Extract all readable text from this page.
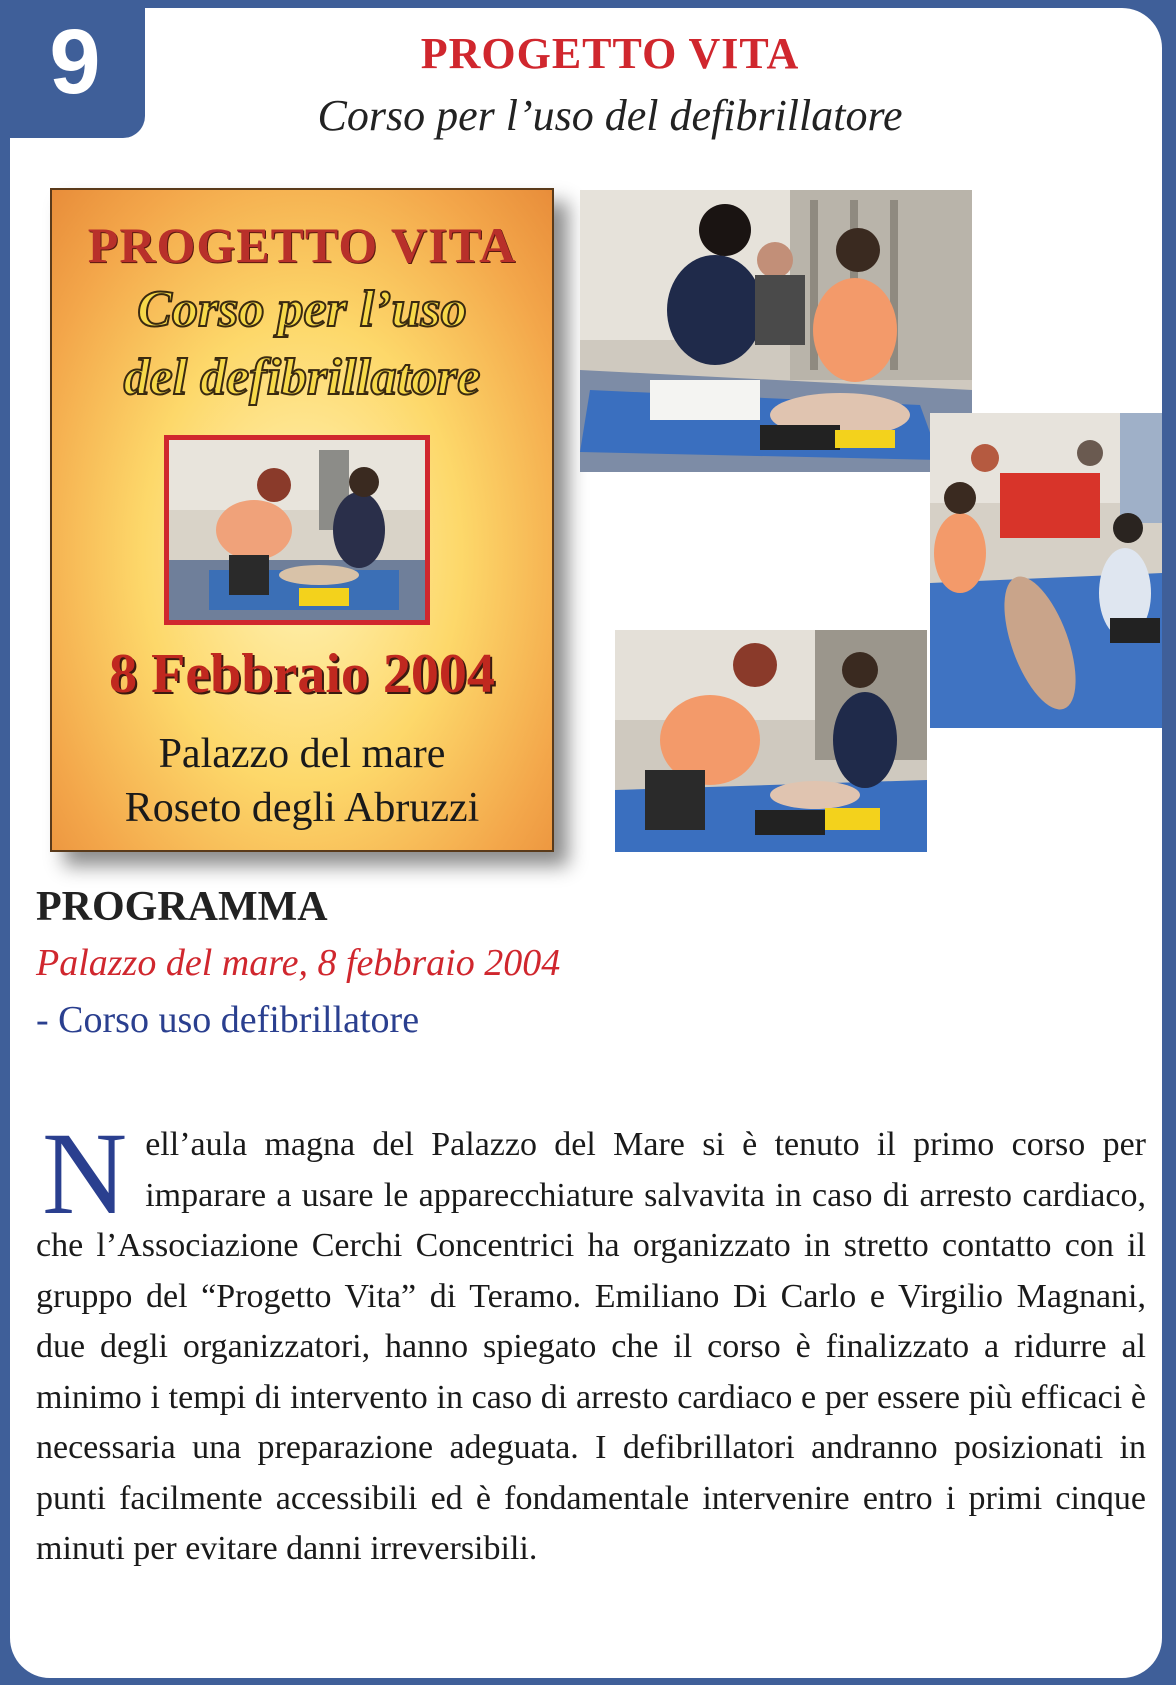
9	PROGETTO VITA
Corso per l’uso del defibrillatore
PROGETTO VITA
Corso per l’uso
del defibrillatore
8 Febbraio 2004
Palazzo del mare
Roseto degli Abruzzi
PROGRAMMA
Palazzo del mare, 8 febbraio 2004
- Corso uso defibrillatore
Nell’aula magna del Palazzo del Mare si è tenuto il primo corso per imparare a usare le apparecchiature salvavita in caso di arresto cardiaco, che l’Associazione Cerchi Concentrici ha organizzato in stretto contatto con il gruppo del “Progetto Vita” di Teramo. Emiliano Di Carlo e Virgilio Magnani, due degli organizzatori, hanno spiegato che il corso è finalizzato a ridurre al minimo i tempi di intervento in caso di arresto cardiaco e per essere più efficaci è necessaria una preparazione adeguata. I defibrillatori andranno posizionati in punti facilmente accessibili ed è fondamentale intervenire entro i primi cinque minuti per evitare danni irreversibili.
